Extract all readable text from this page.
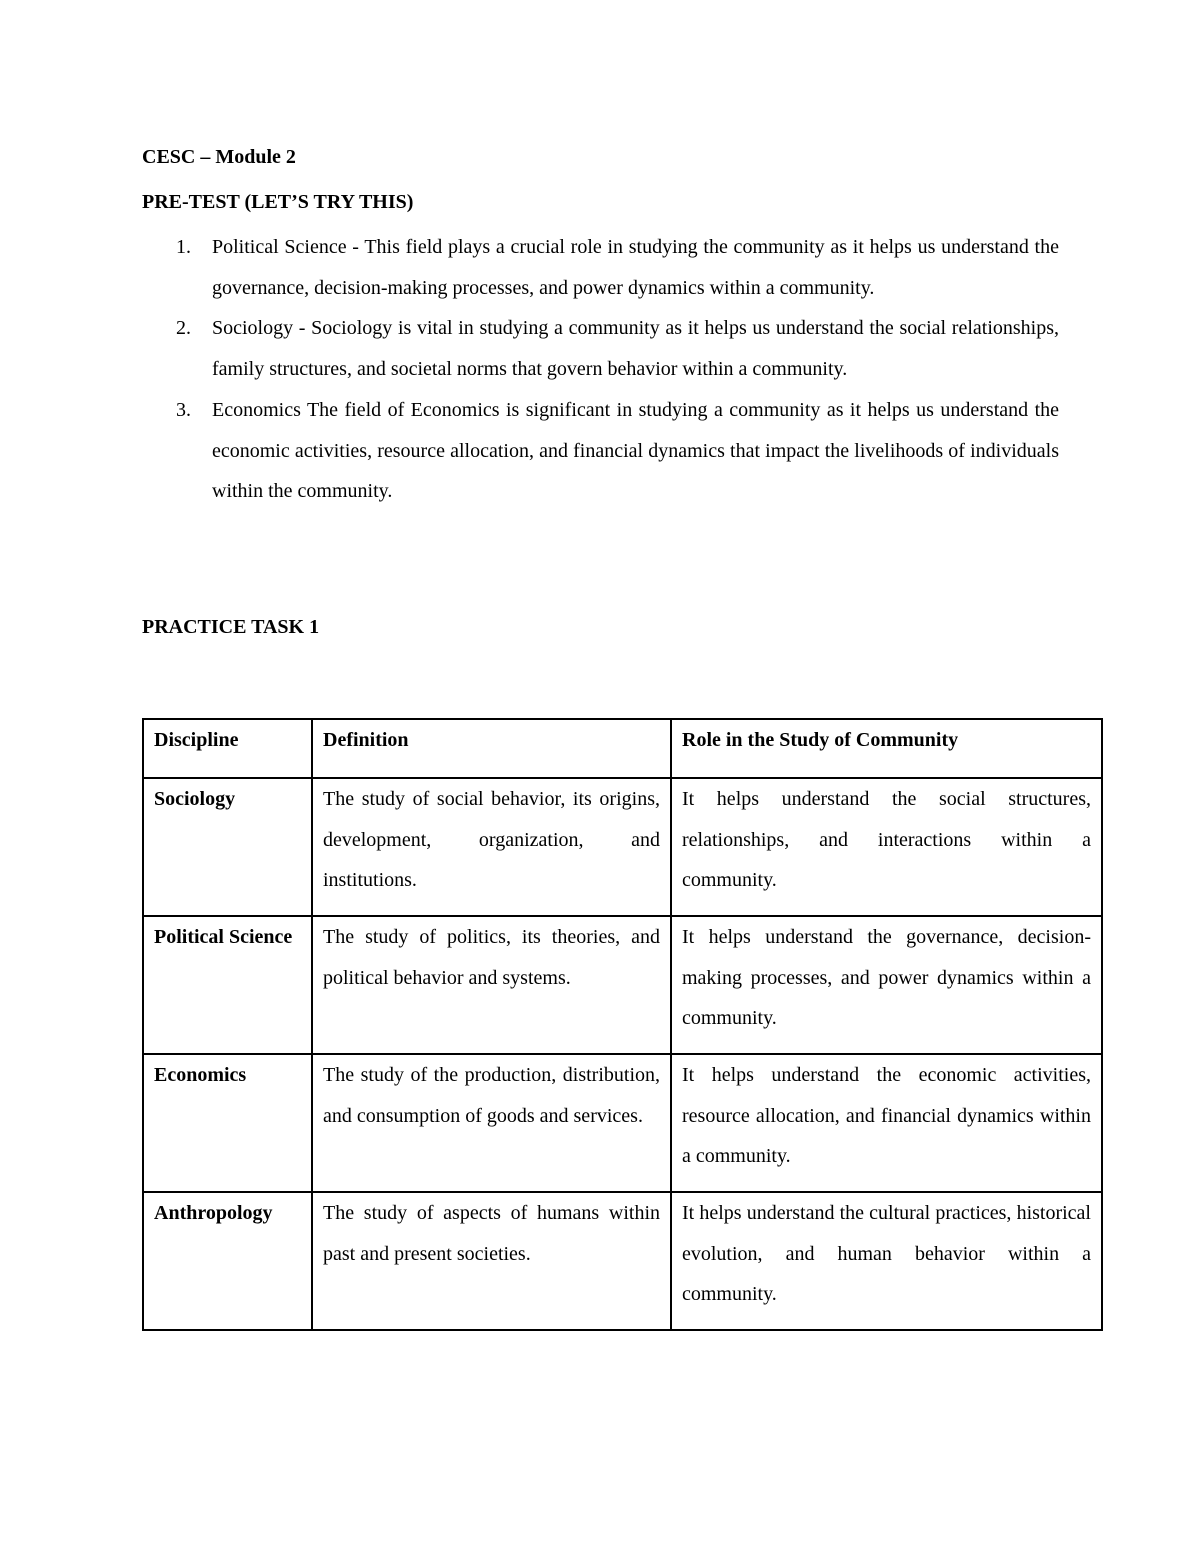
CESC – Module 2
PRE-TEST (LET’S TRY THIS)
1. Political Science - This field plays a crucial role in studying the community as it helps us understand the governance, decision-making processes, and power dynamics within a community.
2. Sociology - Sociology is vital in studying a community as it helps us understand the social relationships, family structures, and societal norms that govern behavior within a community.
3. Economics The field of Economics is significant in studying a community as it helps us understand the economic activities, resource allocation, and financial dynamics that impact the livelihoods of individuals within the community.
PRACTICE TASK 1
Discipline	Definition	Role in the Study of Community
Sociology	The study of social behavior, its origins, development, organization, and institutions.	It helps understand the social structures, relationships, and interactions within a community.
Political Science	The study of politics, its theories, and political behavior and systems.	It helps understand the governance, decision-making processes, and power dynamics within a community.
Economics	The study of the production, distribution, and consumption of goods and services.	It helps understand the economic activities, resource allocation, and financial dynamics within a community.
Anthropology	The study of aspects of humans within past and present societies.	It helps understand the cultural practices, historical evolution, and human behavior within a community.
